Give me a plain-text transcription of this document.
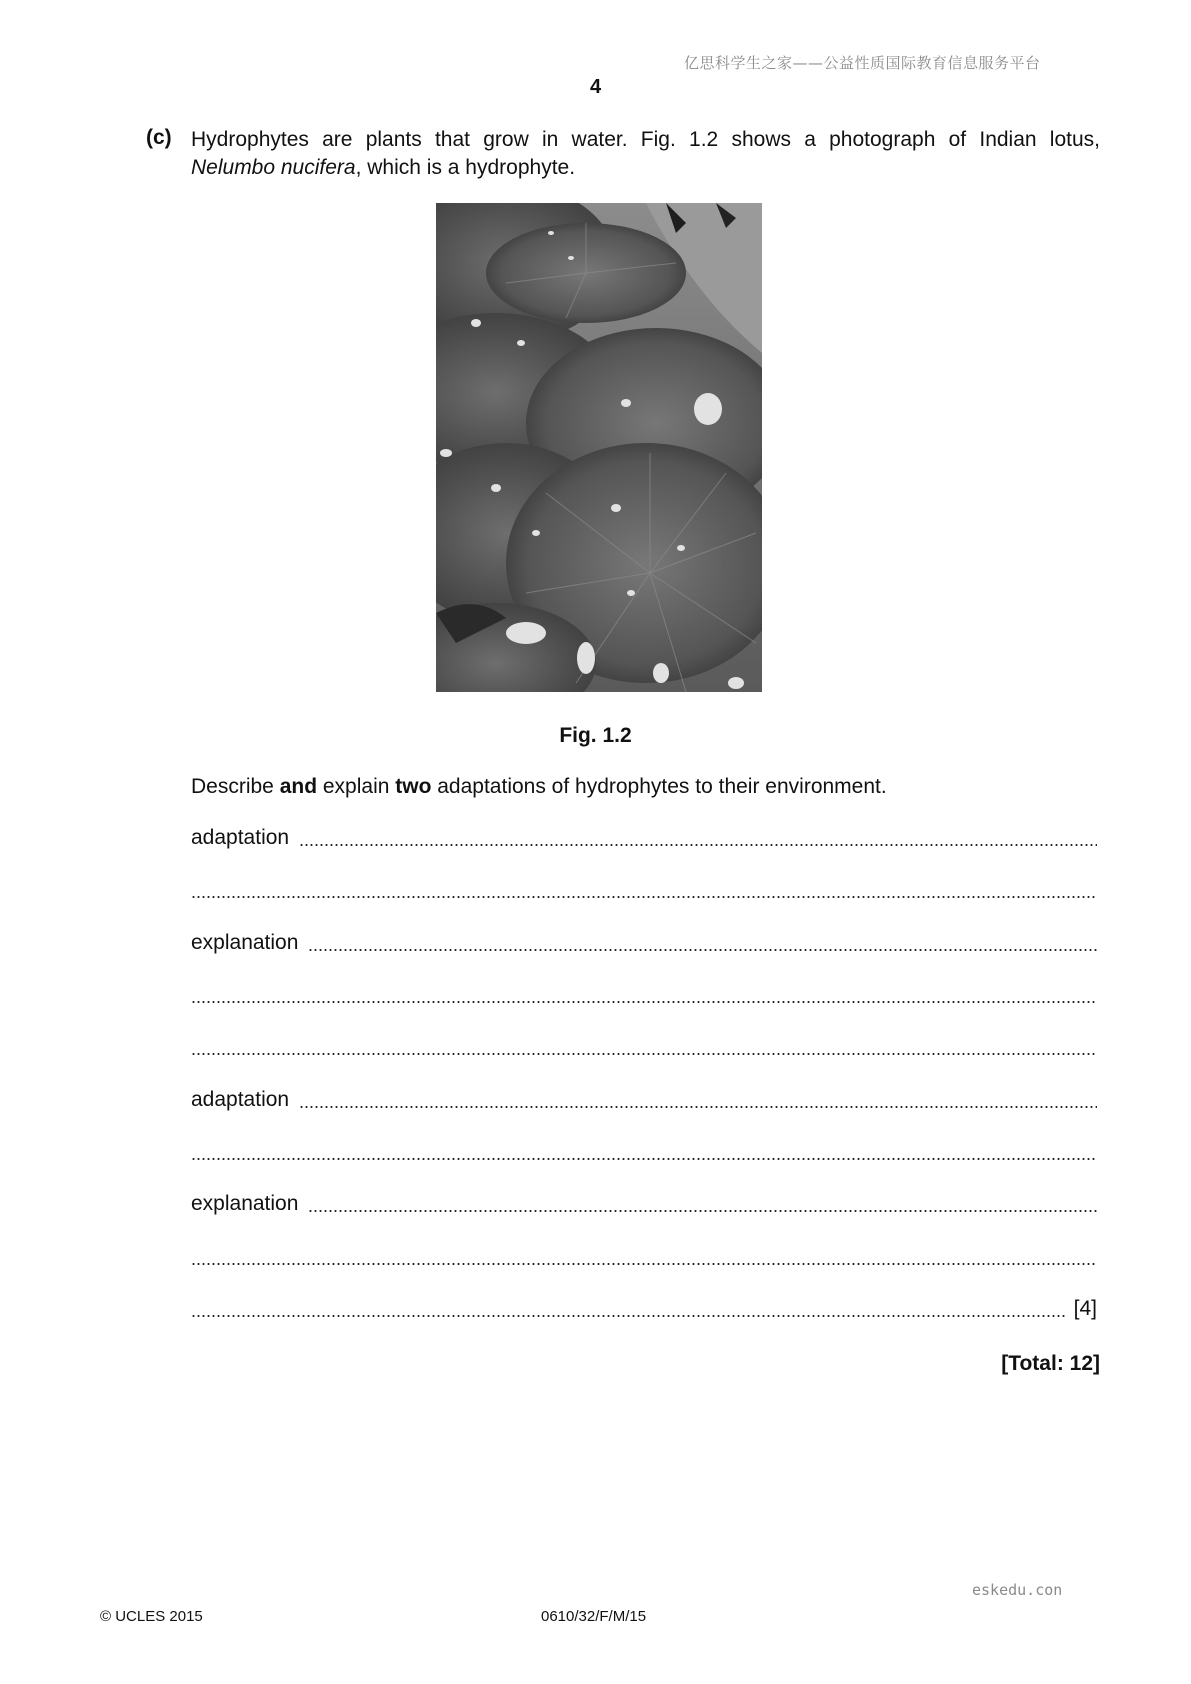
亿思科学生之家——公益性质国际教育信息服务平台
4
(c) Hydrophytes are plants that grow in water. Fig. 1.2 shows a photograph of Indian lotus,
Nelumbo nucifera, which is a hydrophyte.
Fig. 1.2
Describe and explain two adaptations of hydrophytes to their environment.
adaptation
explanation
adaptation
explanation
[4]
[Total: 12]
eskedu.con
© UCLES 2015	0610/32/F/M/15
